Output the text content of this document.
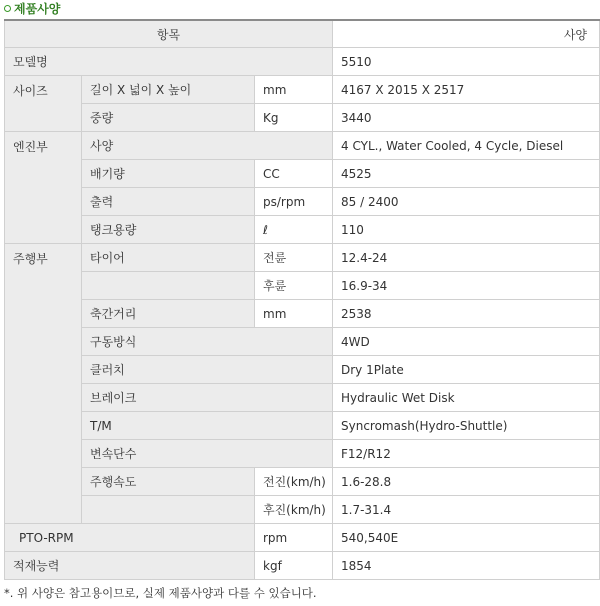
제품사양
항목			사양
모델명			5510
사이즈	길이 X 넓이 X 높이	mm	4167 X 2015 X 2517
	중량	Kg	3440
엔진부	사양		4 CYL., Water Cooled, 4 Cycle, Diesel
	배기량	CC	4525
	출력	ps/rpm	85 / 2400
	탱크용량	ℓ	110
주행부	타이어	전륜	12.4-24
		후륜	16.9-34
	축간거리	mm	2538
	구동방식		4WD
	클러치		Dry 1Plate
	브레이크		Hydraulic Wet Disk
	T/M		Syncromash(Hydro-Shuttle)
	변속단수		F12/R12
	주행속도	전진(km/h)	1.6-28.8
		후진(km/h)	1.7-31.4
PTO-RPM		rpm	540,540E
적재능력		kgf	1854
*. 위 사양은 참고용이므로, 실제 제품사양과 다를 수 있습니다.
